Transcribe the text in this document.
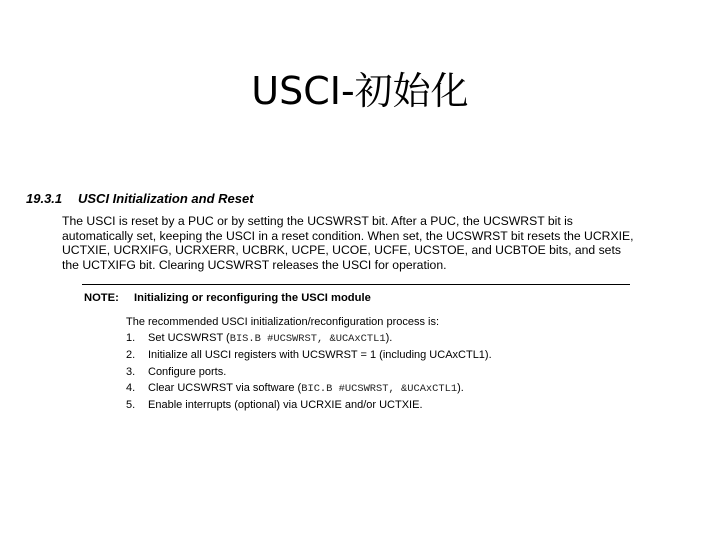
USCI-初始化
19.3.1	USCI Initialization and Reset
The USCI is reset by a PUC or by setting the UCSWRST bit. After a PUC, the UCSWRST bit is
automatically set, keeping the USCI in a reset condition. When set, the UCSWRST bit resets the UCRXIE,
UCTXIE, UCRXIFG, UCRXERR, UCBRK, UCPE, UCOE, UCFE, UCSTOE, and UCBTOE bits, and sets
the UCTXIFG bit. Clearing UCSWRST releases the USCI for operation.
NOTE:	Initializing or reconfiguring the USCI module
The recommended USCI initialization/reconfiguration process is:
1.	Set UCSWRST (BIS.B #UCSWRST, &UCAxCTL1).
2.	Initialize all USCI registers with UCSWRST = 1 (including UCAxCTL1).
3.	Configure ports.
4.	Clear UCSWRST via software (BIC.B #UCSWRST, &UCAxCTL1).
5.	Enable interrupts (optional) via UCRXIE and/or UCTXIE.
